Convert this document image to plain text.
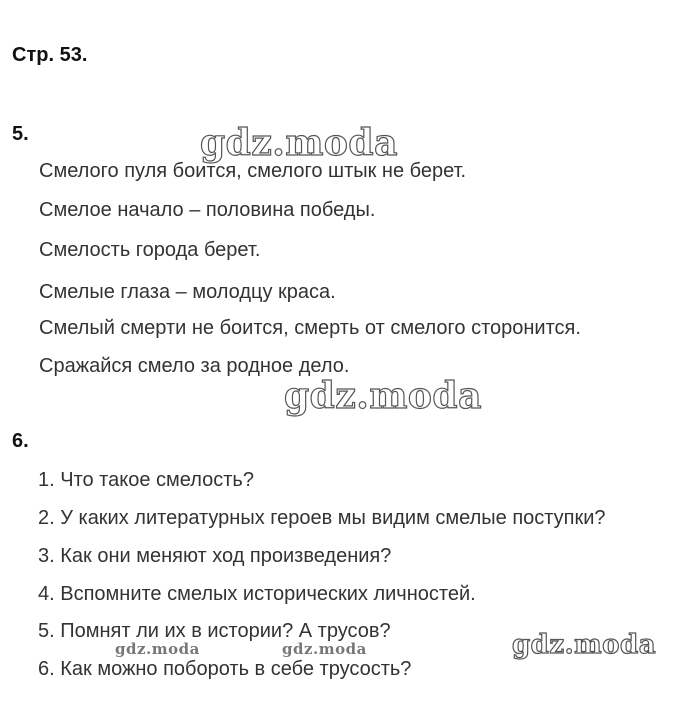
Стр. 53.
5.	gdz.moda
Смелого пуля боится, смелого штык не берет.
Смелое начало – половина победы.
Смелость города берет.
Смелые глаза – молодцу краса.
Смелый смерти не боится, смерть от смелого сторонится.
Сражайся смело за родное дело.
gdz.moda
6.
1. Что такое смелость?
2. У каких литературных героев мы видим смелые поступки?
3. Как они меняют ход произведения?
4. Вспомните смелых исторических личностей.
5. Помнят ли их в истории? А трусов?
6. Как можно побороть в себе трусость?
gdz.moda	gdz.moda	gdz.moda
